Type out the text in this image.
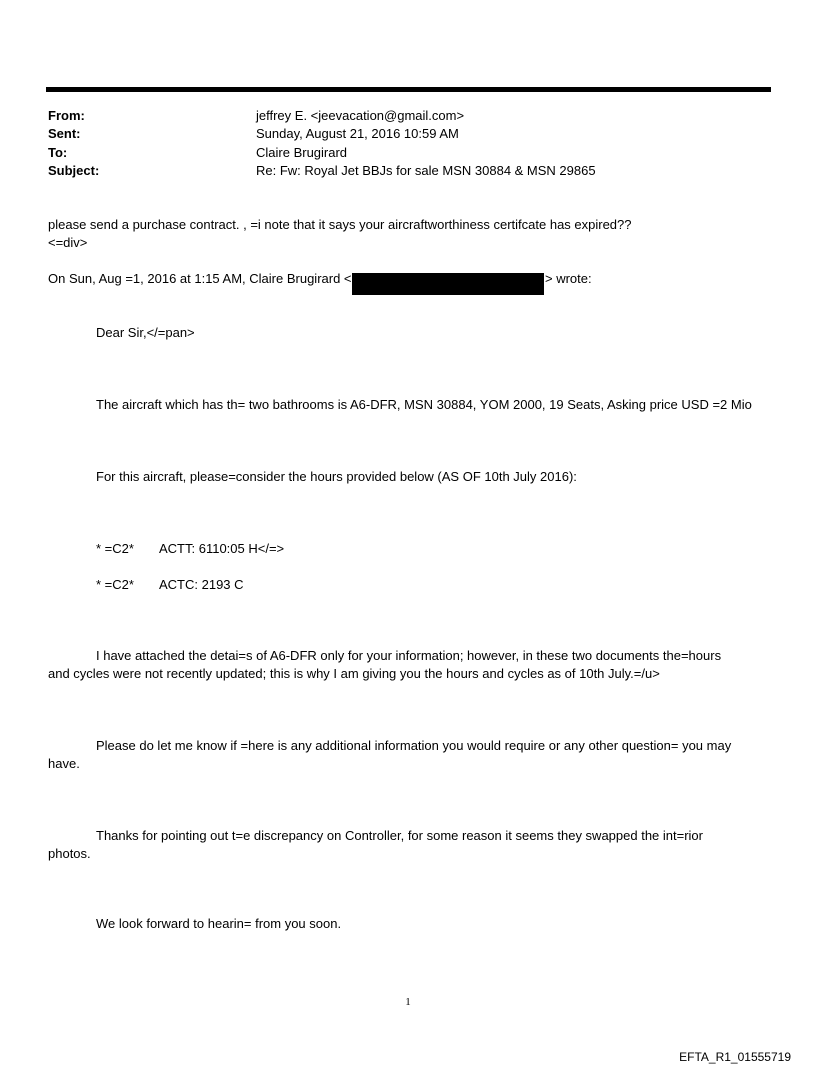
From:	jeffrey E. <jeevacation@gmail.com>
Sent:	Sunday, August 21, 2016 10:59 AM
To:	Claire Brugirard
Subject:	Re: Fw: Royal Jet BBJs for sale MSN 30884 & MSN 29865
please send a purchase contract. , =i note that it says your aircraftworthiness certifcate has expired??
<=div>
On Sun, Aug =1, 2016 at 1:15 AM, Claire Brugirard <	> wrote:
Dear Sir,</=pan>
The aircraft which has th= two bathrooms is A6-DFR, MSN 30884, YOM 2000, 19 Seats, Asking price USD =2 Mio
For this aircraft, please=consider the hours provided below (AS OF 10th July 2016):
* =C2* ACTT: 6110:05 H</=>
* =C2* ACTC: 2193 C
I have attached the detai=s of A6-DFR only for your information; however, in these two documents the=hours
and cycles were not recently updated; this is why I am giving you the hours and cycles as of 10th July.=/u>
Please do let me know if =here is any additional information you would require or any other question= you may
have.
Thanks for pointing out t=e discrepancy on Controller, for some reason it seems they swapped the int=rior
photos.
We look forward to hearin= from you soon.
1
EFTA_R1_01555719
